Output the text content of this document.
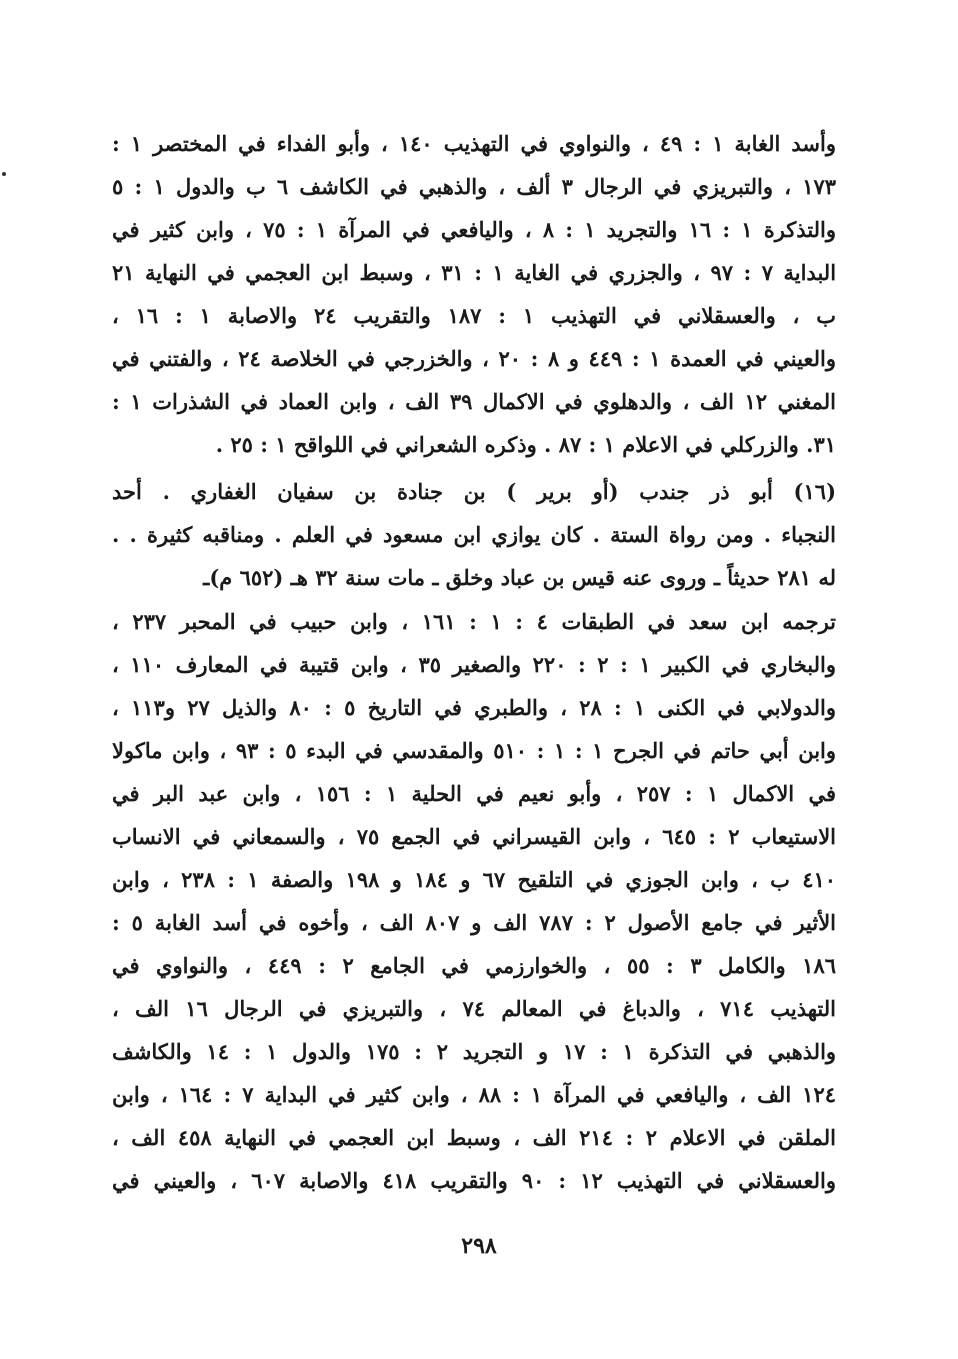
وأسد الغابة ١ : ٤٩ ، والنواوي في التهذيب ١٤٠ ، وأبو الفداء في المختصر ١ :
١٧٣ ، والتبريزي في الرجال ٣ ألف ، والذهبي في الكاشف ٦ ب والدول ١ : ٥
والتذكرة ١ : ١٦ والتجريد ١ : ٨ ، واليافعي في المرآة ١ : ٧٥ ، وابن كثير في
البداية ٧ : ٩٧ ، والجزري في الغاية ١ : ٣١ ، وسبط ابن العجمي في النهاية ٢١
ب ، والعسقلاني في التهذيب ١ : ١٨٧ والتقريب ٢٤ والاصابة ١ : ١٦ ،
والعيني في العمدة ١ : ٤٤٩ و ٨ : ٢٠ ، والخزرجي في الخلاصة ٢٤ ، والفتني في
المغني ١٢ الف ، والدهلوي في الاكمال ٣٩ الف ، وابن العماد في الشذرات ١ :
٣١. والزركلي في الاعلام ١ : ٨٧ . وذكره الشعراني في اللواقح ١ : ٢٥ .
(١٦) أبو ذر جندب (أو برير ) بن جنادة بن سفيان الغفاري . أحد
النجباء . ومن رواة الستة . كان يوازي ابن مسعود في العلم . ومناقبه كثيرة . .
له ٢٨١ حديثاً ـ وروى عنه قيس بن عباد وخلق ـ مات سنة ٣٢ هـ (٦٥٢ م)ـ
ترجمه ابن سعد في الطبقات ٤ : ١ : ١٦١ ، وابن حبيب في المحبر ٢٣٧ ،
والبخاري في الكبير ١ : ٢ : ٢٢٠ والصغير ٣٥ ، وابن قتيبة في المعارف ١١٠ ،
والدولابي في الكنى ١ : ٢٨ ، والطبري في التاريخ ٥ : ٨٠ والذيل ٢٧ و١١٣ ،
وابن أبي حاتم في الجرح ١ : ١ : ٥١٠ والمقدسي في البدء ٥ : ٩٣ ، وابن ماكولا
في الاكمال ١ : ٢٥٧ ، وأبو نعيم في الحلية ١ : ١٥٦ ، وابن عبد البر في
الاستيعاب ٢ : ٦٤٥ ، وابن القيسراني في الجمع ٧٥ ، والسمعاني في الانساب
٤١٠ ب ، وابن الجوزي في التلقيح ٦٧ و ١٨٤ و ١٩٨ والصفة ١ : ٢٣٨ ، وابن
الأثير في جامع الأصول ٢ : ٧٨٧ الف و ٨٠٧ الف ، وأخوه في أسد الغابة ٥ :
١٨٦ والكامل ٣ : ٥٥ ، والخوارزمي في الجامع ٢ : ٤٤٩ ، والنواوي في
التهذيب ٧١٤ ، والدباغ في المعالم ٧٤ ، والتبريزي في الرجال ١٦ الف ،
والذهبي في التذكرة ١ : ١٧ و التجريد ٢ : ١٧٥ والدول ١ : ١٤ والكاشف
١٢٤ الف ، واليافعي في المرآة ١ : ٨٨ ، وابن كثير في البداية ٧ : ١٦٤ ، وابن
الملقن في الاعلام ٢ : ٢١٤ الف ، وسبط ابن العجمي في النهاية ٤٥٨ الف ،
والعسقلاني في التهذيب ١٢ : ٩٠ والتقريب ٤١٨ والاصابة ٦٠٧ ، والعيني في
٢٩٨
